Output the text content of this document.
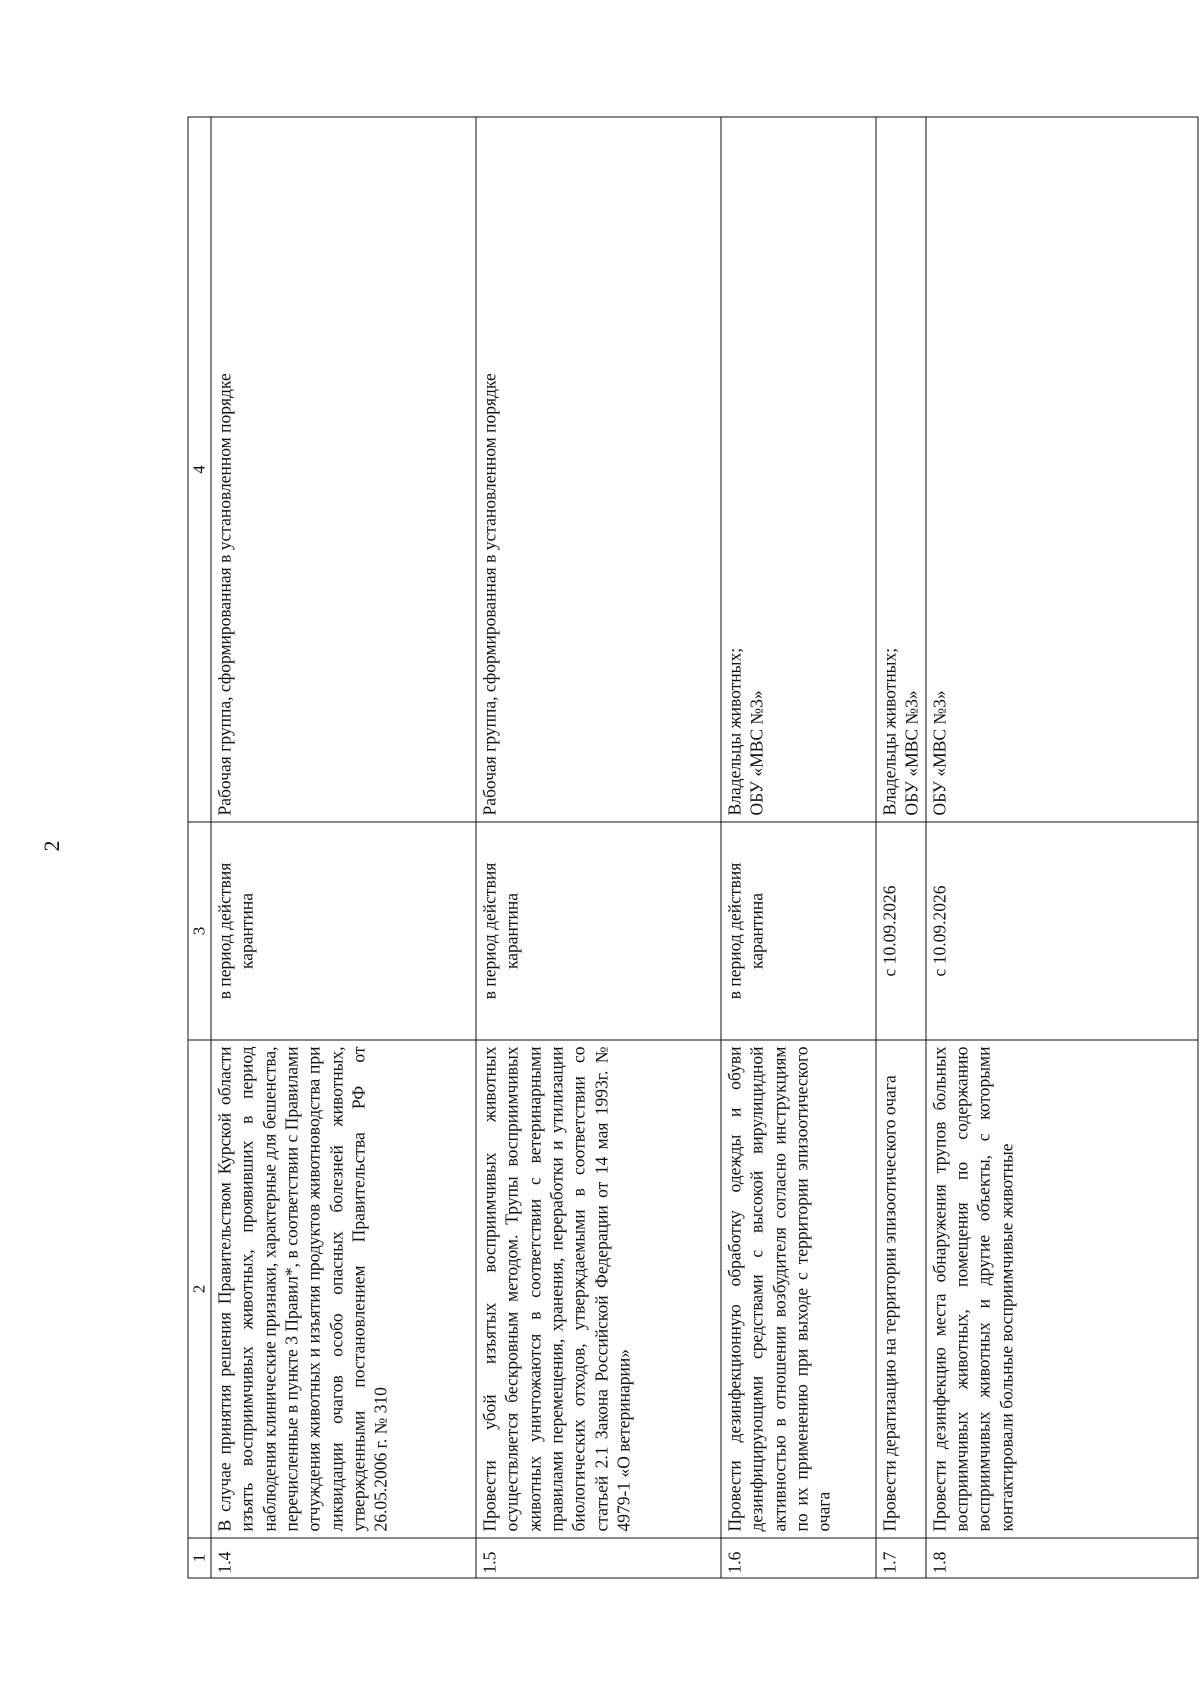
2
1	2	3	4
1.4	В случае принятия решения Правительством Курской области изъять восприимчивых животных, проявивших в период наблюдения клинические признаки, характерные для бешенства, перечисленные в пункте 3 Правил*, в соответствии с Правилами отчуждения животных и изъятия продуктов животноводства при ликвидации очагов особо опасных болезней животных, утвержденными постановлением Правительства РФ от 26.05.2006 г. № 310	в период действия карантина	Рабочая группа, сформированная в установленном порядке
1.5	Провести убой изъятых восприимчивых животных осуществляется бескровным методом. Трупы восприимчивых животных уничтожаются в соответствии с ветеринарными правилами перемещения, хранения, переработки и утилизации биологических отходов, утверждаемыми в соответствии со статьей 2.1 Закона Российской Федерации от 14 мая 1993г. № 4979-1 «О ветеринарии»	в период действия карантина	Рабочая группа, сформированная в установленном порядке
1.6	Провести дезинфекционную обработку одежды и обуви дезинфицирующими средствами с высокой вирулицидной активностью в отношении возбудителя согласно инструкциям по их применению при выходе с территории эпизоотического очага	в период действия карантина	Владельцы животных;
ОБУ «МВС №3»
1.7	Провести дератизацию на территории эпизоотического очага	с 10.09.2026	Владельцы животных;
ОБУ «МВС №3»
1.8	Провести дезинфекцию места обнаружения трупов больных восприимчивых животных, помещения по содержанию восприимчивых животных и другие объекты, с которыми контактировали больные восприимчивые животные	с 10.09.2026	ОБУ «МВС №3»
